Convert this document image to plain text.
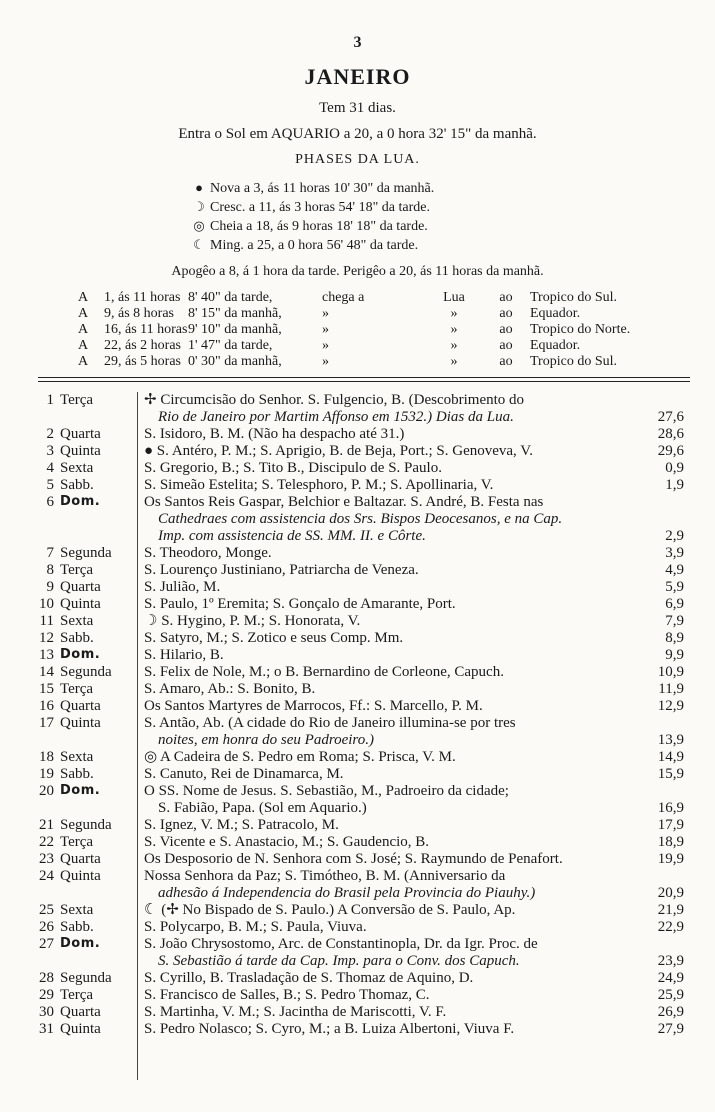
3
JANEIRO
Tem 31 dias.
Entra o Sol em AQUARIO a 20, a 0 hora 32' 15" da manhã.
PHASES DA LUA.
● Nova a 3, ás 11 horas 10' 30" da manhã.
☽ Cresc. a 11, ás 3 horas 54' 18" da tarde.
◎ Cheia a 18, ás 9 horas 18' 18" da tarde.
☾ Ming. a 25, a 0 hora 56' 48" da tarde.
Apogêo a 8, á 1 hora da tarde. Perigêo a 20, ás 11 horas da manhã.
A 1, ás 11 horas 8' 40" da tarde,	chega a	Lua ao Tropico do Sul.
A 9, ás 8 horas 8' 15" da manhã,	»	»	ao Equador.
A 16, ás 11 horas9' 10" da manhã,	»	»	ao Tropico do Norte.
A 22, ás 2 horas 1' 47" da tarde,	»	»	ao Equador.
A 29, ás 5 horas 0' 30" da manhã,	»	»	ao Tropico do Sul.
1 Terça	✢ Circumcisão do Senhor. S. Fulgencio, B. (Descobrimento do
Rio de Janeiro por Martim Affonso em 1532.) Dias da Lua.	27,6
2 Quarta	S. Isidoro, B. M. (Não ha despacho até 31.)	28,6
3 Quinta	● S. Antéro, P. M.; S. Aprigio, B. de Beja, Port.; S. Genoveva, V.	29,6
4 Sexta	S. Gregorio, B.; S. Tito B., Discipulo de S. Paulo.	0,9
5 Sabb.	S. Simeão Estelita; S. Telesphoro, P. M.; S. Apollinaria, V.	1,9
6 Dom.	Os Santos Reis Gaspar, Belchior e Baltazar. S. André, B. Festa nas
Cathedraes com assistencia dos Srs. Bispos Deocesanos, e na Cap.
Imp. com assistencia de SS. MM. II. e Côrte.	2,9
7 Segunda	S. Theodoro, Monge.	3,9
8 Terça	S. Lourenço Justiniano, Patriarcha de Veneza.	4,9
9 Quarta	S. Julião, M.	5,9
10 Quinta	S. Paulo, 1º Eremita; S. Gonçalo de Amarante, Port.	6,9
11 Sexta	☽ S. Hygino, P. M.; S. Honorata, V.	7,9
12 Sabb.	S. Satyro, M.; S. Zotico e seus Comp. Mm.	8,9
13 Dom.	S. Hilario, B.	9,9
14 Segunda	S. Felix de Nole, M.; o B. Bernardino de Corleone, Capuch.	10,9
15 Terça	S. Amaro, Ab.: S. Bonito, B.	11,9
16 Quarta	Os Santos Martyres de Marrocos, Ff.: S. Marcello, P. M.	12,9
17 Quinta	S. Antão, Ab. (A cidade do Rio de Janeiro illumina-se por tres
noites, em honra do seu Padroeiro.)	13,9
18 Sexta	◎ A Cadeira de S. Pedro em Roma; S. Prisca, V. M.	14,9
19 Sabb.	S. Canuto, Rei de Dinamarca, M.	15,9
20 Dom.	O SS. Nome de Jesus. S. Sebastião, M., Padroeiro da cidade;
S. Fabião, Papa. (Sol em Aquario.)	16,9
21 Segunda	S. Ignez, V. M.; S. Patracolo, M.	17,9
22 Terça	S. Vicente e S. Anastacio, M.; S. Gaudencio, B.	18,9
23 Quarta	Os Desposorio de N. Senhora com S. José; S. Raymundo de Penafort.	19,9
24 Quinta	Nossa Senhora da Paz; S. Timótheo, B. M. (Anniversario da
adhesão á Independencia do Brasil pela Provincia do Piauhy.)	20,9
25 Sexta	☾ (✢ No Bispado de S. Paulo.) A Conversão de S. Paulo, Ap.	21,9
26 Sabb.	S. Polycarpo, B. M.; S. Paula, Viuva.	22,9
27 Dom.	S. João Chrysostomo, Arc. de Constantinopla, Dr. da Igr. Proc. de
S. Sebastião á tarde da Cap. Imp. para o Conv. dos Capuch.	23,9
28 Segunda	S. Cyrillo, B. Trasladação de S. Thomaz de Aquino, D.	24,9
29 Terça	S. Francisco de Salles, B.; S. Pedro Thomaz, C.	25,9
30 Quarta	S. Martinha, V. M.; S. Jacintha de Mariscotti, V. F.	26,9
31 Quinta	S. Pedro Nolasco; S. Cyro, M.; a B. Luiza Albertoni, Viuva F.	27,9
